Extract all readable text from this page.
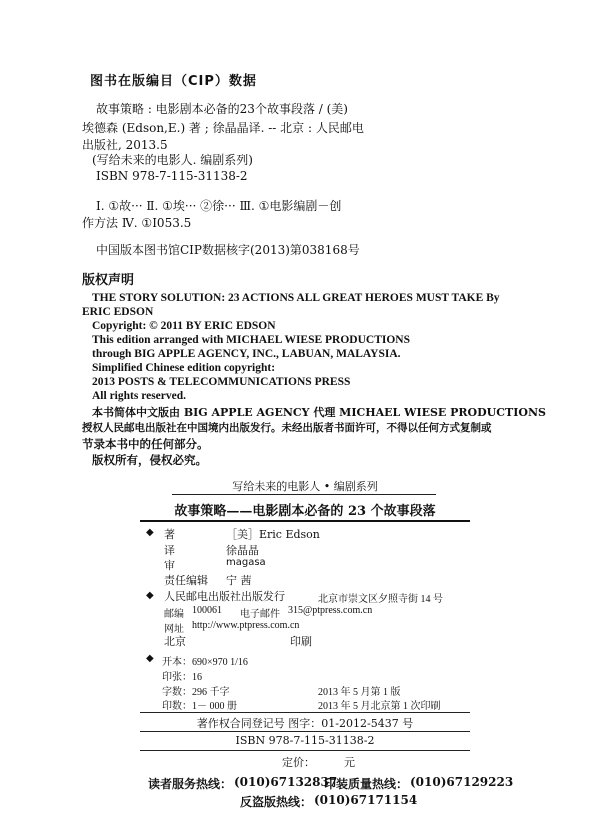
图书在版编目（CIP）数据
故事策略 : 电影剧本必备的23个故事段落 / (美)
埃德森 (Edson,E.) 著 ; 徐晶晶译. -- 北京 : 人民邮电
出版社, 2013.5
(写给未来的电影人. 编剧系列)
ISBN 978-7-115-31138-2
Ⅰ. ①故··· Ⅱ. ①埃··· ②徐··· Ⅲ. ①电影编剧－创
作方法 Ⅳ. ①I053.5
中国版本图书馆CIP数据核字(2013)第038168号
版权声明
THE STORY SOLUTION: 23 ACTIONS ALL GREAT HEROES MUST TAKE By
ERIC EDSON
Copyright: © 2011 BY ERIC EDSON
This edition arranged with MICHAEL WIESE PRODUCTIONS
through BIG APPLE AGENCY, INC., LABUAN, MALAYSIA.
Simplified Chinese edition copyright:
2013 POSTS & TELECOMMUNICATIONS PRESS
All rights reserved.
本书简体中文版由 BIG APPLE AGENCY 代理 MICHAEL WIESE PRODUCTIONS
授权人民邮电出版社在中国境内出版发行。未经出版者书面许可，不得以任何方式复制或
节录本书中的任何部分。
版权所有，侵权必究。
写给未来的电影人 • 编剧系列
故事策略——电影剧本必备的 23 个故事段落
◆ 著	［美］Eric Edson
译	徐晶晶
审	magasa
责任编辑 宁 茜
◆ 人民邮电出版社出版发行	北京市崇文区夕照寺街 14 号
邮编 100061 电子邮件 315@ptpress.com.cn
网址 http://www.ptpress.com.cn
北京	印刷
◆ 开本：690×970 1/16
印张：16
字数：296 千字	2013 年 5 月第 1 版
印数：1－ 000 册	2013 年 5 月北京第 1 次印刷
著作权合同登记号 图字：01-2012-5437 号
ISBN 978-7-115-31138-2
定价：	元
读者服务热线： (010)67132837
印装质量热线： (010)67129223
反盗版热线： (010)67171154
